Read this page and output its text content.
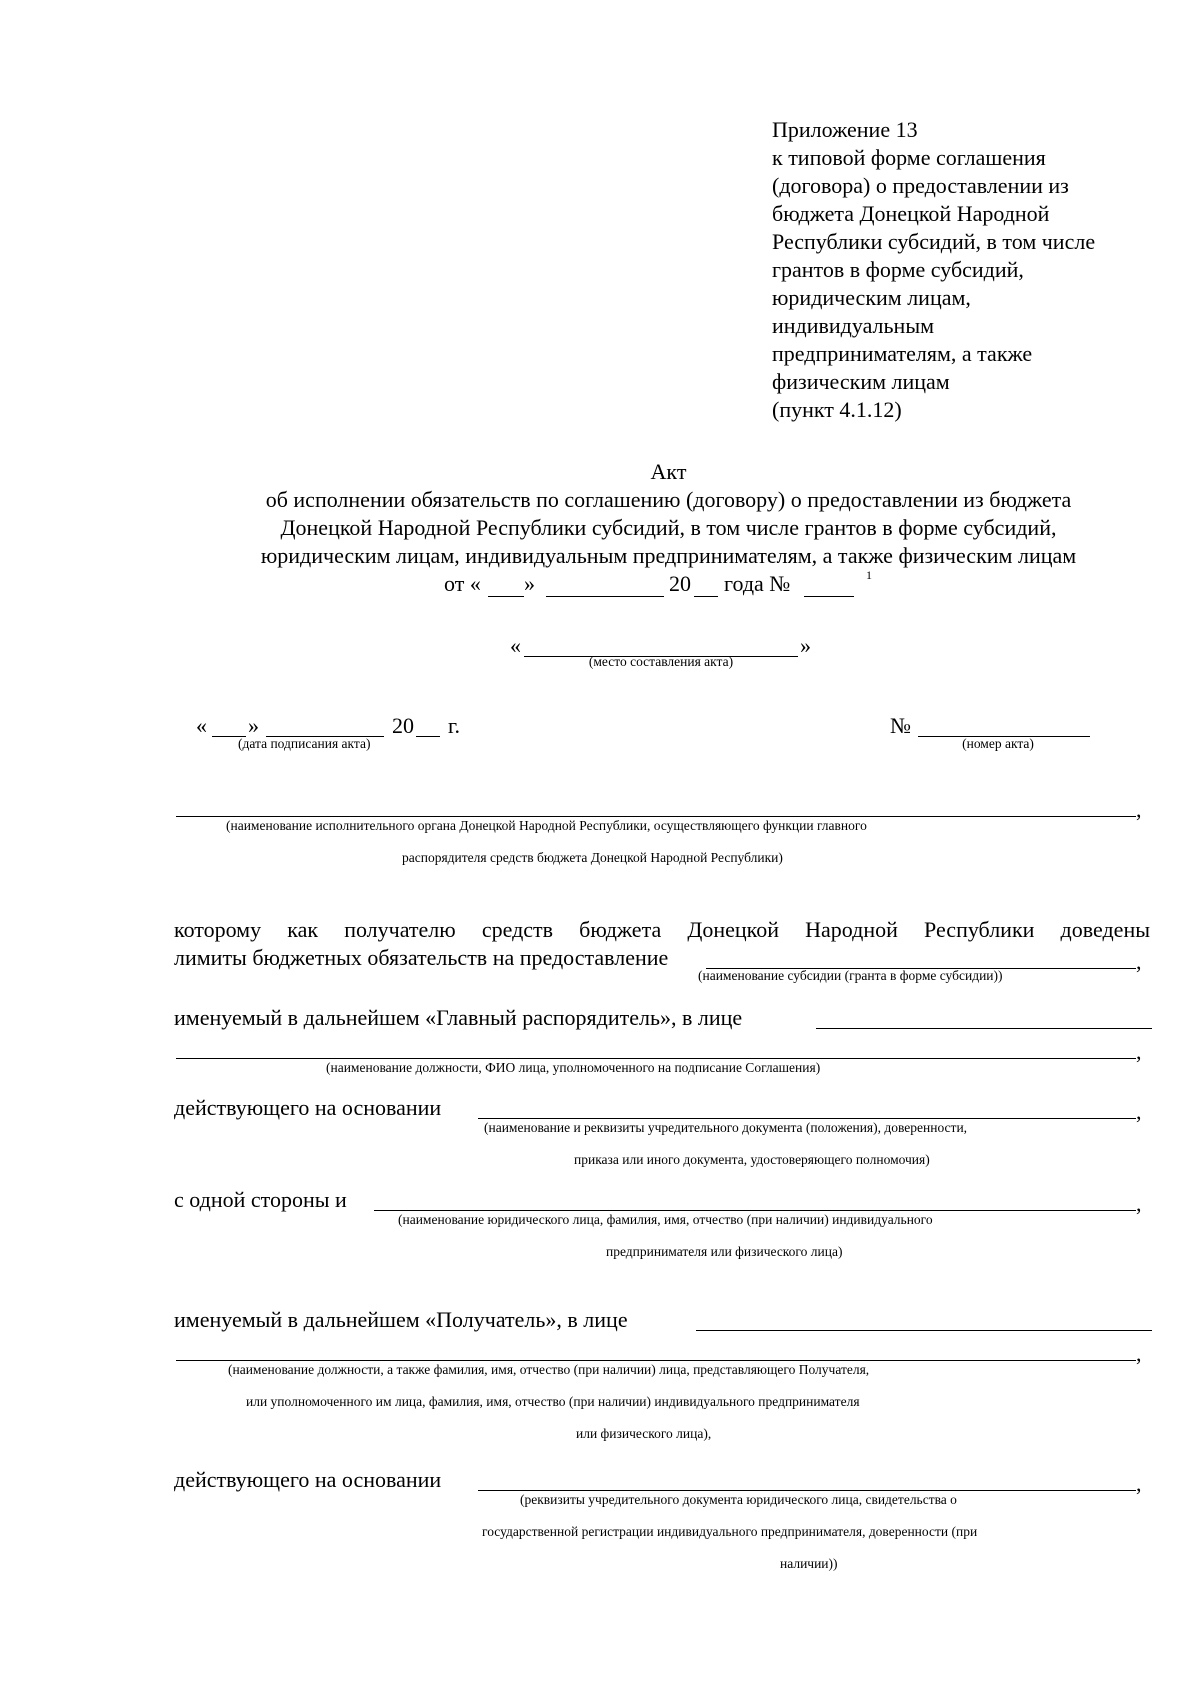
Приложение 13
к типовой форме соглашения
(договора) о предоставлении из
бюджета Донецкой Народной
Республики субсидий, в том числе
грантов в форме субсидий,
юридическим лицам,
индивидуальным
предпринимателям, а также
физическим лицам
(пункт 4.1.12)
Акт
об исполнении обязательств по соглашению (договору) о предоставлении из бюджета
Донецкой Народной Республики субсидий, в том числе грантов в форме субсидий,
юридическим лицам, индивидуальным предпринимателям, а также физическим лицам
от « »	20 года №	1
«	»
(место составления акта)
« »	20 г.
(дата подписания акта)
№
(номер акта)
,
(наименование исполнительного органа Донецкой Народной Республики, осуществляющего функции главного
распорядителя средств бюджета Донецкой Народной Республики)
которому как получателю средств бюджета Донецкой Народной Республики доведены
лимиты бюджетных обязательств на предоставление	,
(наименование субсидии (гранта в форме субсидии))
именуемый в дальнейшем «Главный распорядитель», в лице
,
(наименование должности, ФИО лица, уполномоченного на подписание Соглашения)
действующего на основании	,
(наименование и реквизиты учредительного документа (положения), доверенности,
приказа или иного документа, удостоверяющего полномочия)
с одной стороны и	,
(наименование юридического лица, фамилия, имя, отчество (при наличии) индивидуального
предпринимателя или физического лица)
именуемый в дальнейшем «Получатель», в лице
,
(наименование должности, а также фамилия, имя, отчество (при наличии) лица, представляющего Получателя,
или уполномоченного им лица, фамилия, имя, отчество (при наличии) индивидуального предпринимателя
или физического лица),
действующего на основании	,
(реквизиты учредительного документа юридического лица, свидетельства о
государственной регистрации индивидуального предпринимателя, доверенности (при
наличии))
